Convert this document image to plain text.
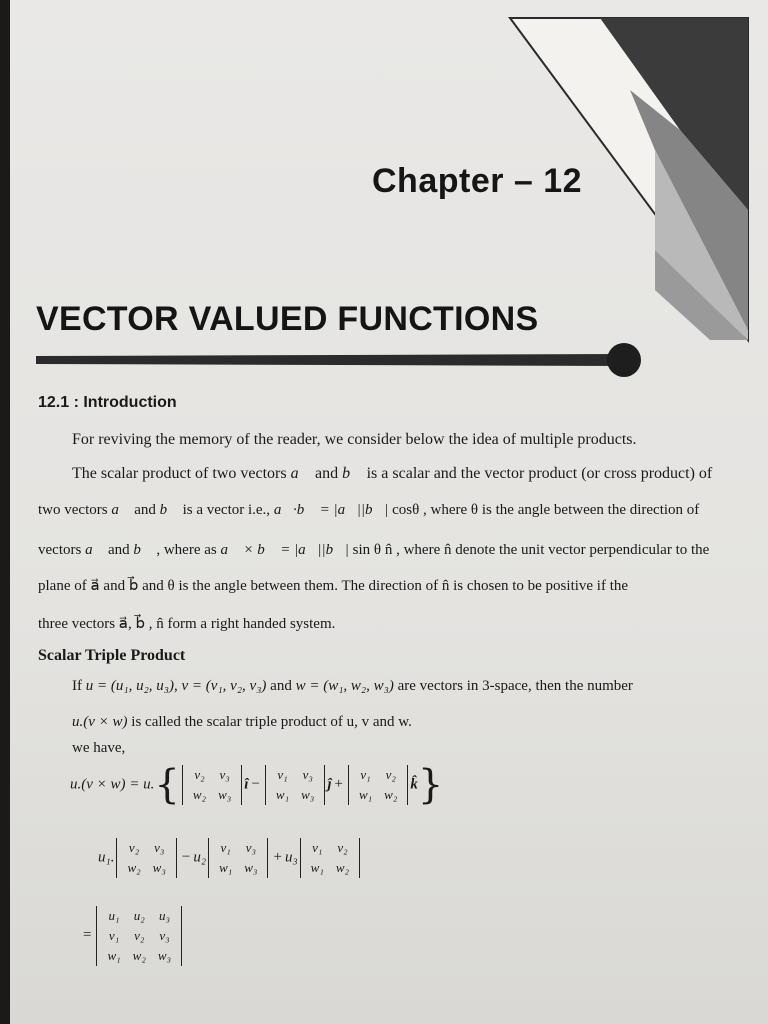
Chapter – 12
VECTOR VALUED FUNCTIONS
12.1 : Introduction
For reviving the memory of the reader, we consider below the idea of multiple products.
The scalar product of two vectors a⃗ and b⃗ is a scalar and the vector product (or cross product) of
two vectors a⃗ and b⃗ is a vector i.e., a⃗·b⃗ = |a⃗||b⃗| cosθ , where θ is the angle between the direction of
vectors a⃗ and b⃗ , where as a⃗ × b⃗ = |a⃗||b⃗| sin θ n̂ , where n̂ denote the unit vector perpendicular to the
plane of a⃗ and b⃗ and θ is the angle between them. The direction of n̂ is chosen to be positive if the
three vectors a⃗, b⃗ , n̂ form a right handed system.
Scalar Triple Product
If u = (u₁, u₂, u₃), v = (v₁, v₂, v₃) and w = (w₁, w₂, w₃) are vectors in 3-space, then the number
u.(v × w) is called the scalar triple product of u, v and w.
we have,
u.(v × w) = u.{ v₂	v₃
w₂	w₃
î −
v₁	v₃
w₁	w₃
ĵ +
v₁	v₂
w₁	w₂
k̂}
u₁.
v₂	v₃
w₂	w₃
− u₂
v₁	v₃
w₁	w₃
+ u₃
v₁	v₂
w₁	w₂
=
u₁	u₂	u₃
v₁	v₂	v₃
w₁	w₂	w₃
